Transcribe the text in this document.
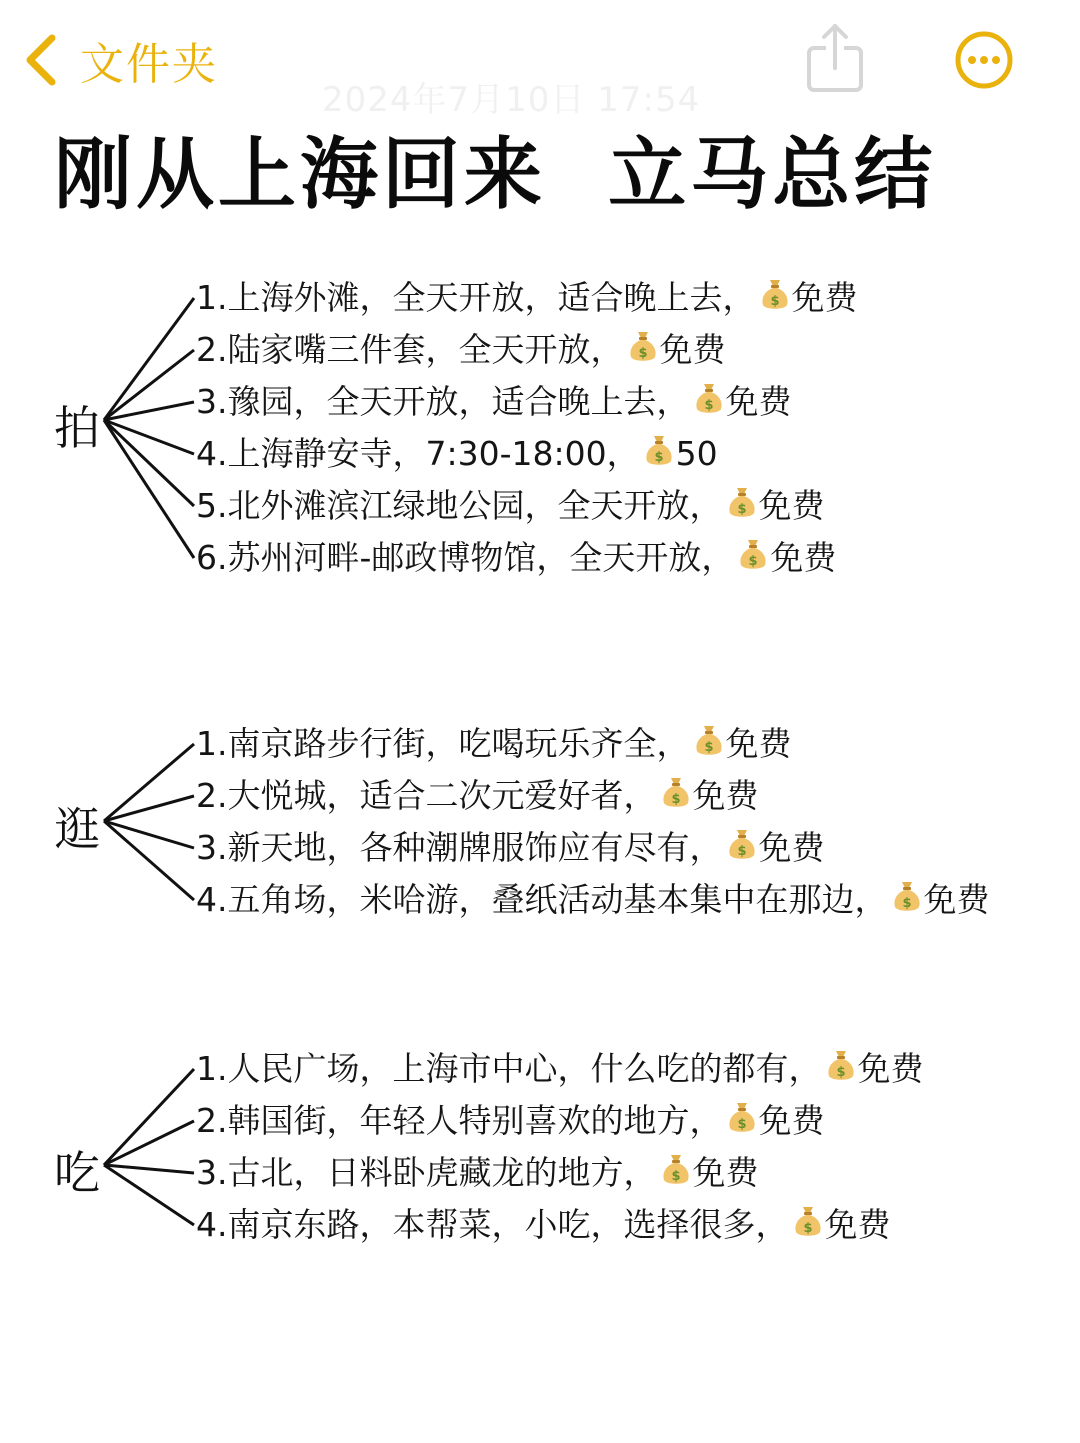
文件夹
2024年7月10日 17:54
刚从上海回来  立马总结
拍
1.上海外滩，全天开放，适合晚上去， $ 免费
2.陆家嘴三件套，全天开放， $ 免费
3.豫园，全天开放，适合晚上去， $ 免费
4.上海静安寺，7:30-18:00， $ 50
5.北外滩滨江绿地公园，全天开放， $ 免费
6.苏州河畔-邮政博物馆，全天开放， $ 免费
逛
1.南京路步行街，吃喝玩乐齐全， $ 免费
2.大悦城，适合二次元爱好者， $ 免费
3.新天地，各种潮牌服饰应有尽有， $ 免费
4.五角场，米哈游，叠纸活动基本集中在那边， $ 免费
吃
1.人民广场，上海市中心，什么吃的都有， $ 免费
2.韩国街，年轻人特别喜欢的地方， $ 免费
3.古北，日料卧虎藏龙的地方， $ 免费
4.南京东路，本帮菜，小吃，选择很多， $ 免费
